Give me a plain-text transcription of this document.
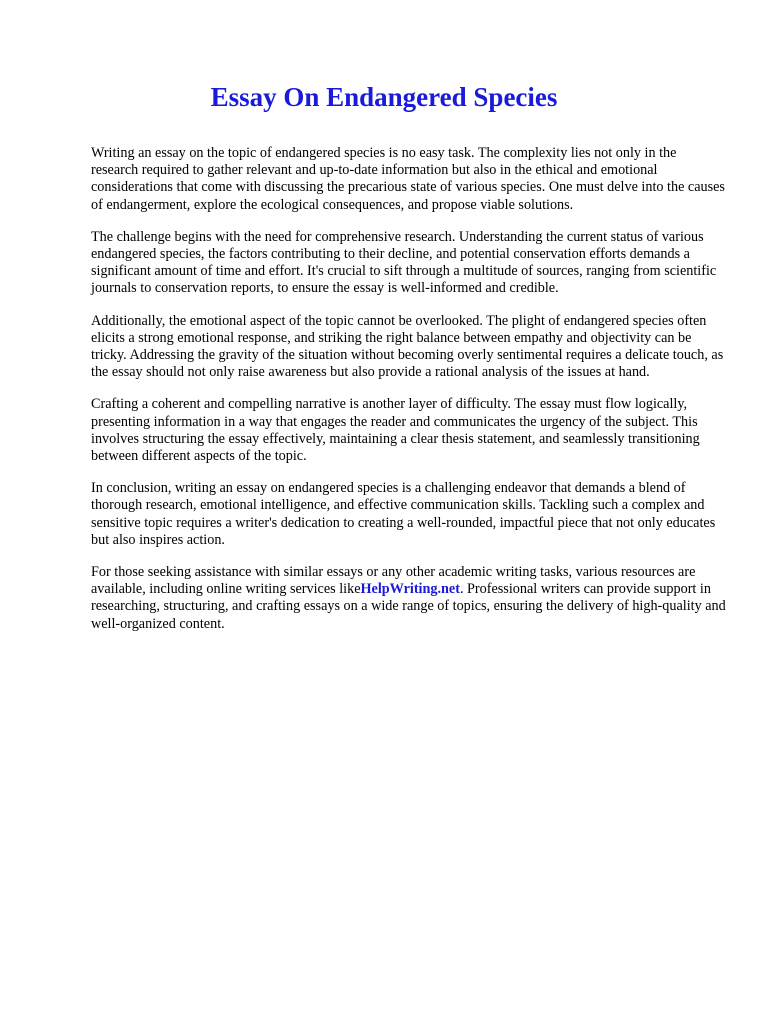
Essay On Endangered Species

Writing an essay on the topic of endangered species is no easy task. The complexity lies not only in the research required to gather relevant and up-to-date information but also in the ethical and emotional considerations that come with discussing the precarious state of various species. One must delve into the causes of endangerment, explore the ecological consequences, and propose viable solutions.

The challenge begins with the need for comprehensive research. Understanding the current status of various endangered species, the factors contributing to their decline, and potential conservation efforts demands a significant amount of time and effort. It's crucial to sift through a multitude of sources, ranging from scientific journals to conservation reports, to ensure the essay is well-informed and credible.

Additionally, the emotional aspect of the topic cannot be overlooked. The plight of endangered species often elicits a strong emotional response, and striking the right balance between empathy and objectivity can be tricky. Addressing the gravity of the situation without becoming overly sentimental requires a delicate touch, as the essay should not only raise awareness but also provide a rational analysis of the issues at hand.

Crafting a coherent and compelling narrative is another layer of difficulty. The essay must flow logically, presenting information in a way that engages the reader and communicates the urgency of the subject. This involves structuring the essay effectively, maintaining a clear thesis statement, and seamlessly transitioning between different aspects of the topic.

In conclusion, writing an essay on endangered species is a challenging endeavor that demands a blend of thorough research, emotional intelligence, and effective communication skills. Tackling such a complex and sensitive topic requires a writer's dedication to creating a well-rounded, impactful piece that not only educates but also inspires action.

For those seeking assistance with similar essays or any other academic writing tasks, various resources are available, including online writing services likeHelpWriting.net. Professional writers can provide support in researching, structuring, and crafting essays on a wide range of topics, ensuring the delivery of high-quality and well-organized content.
